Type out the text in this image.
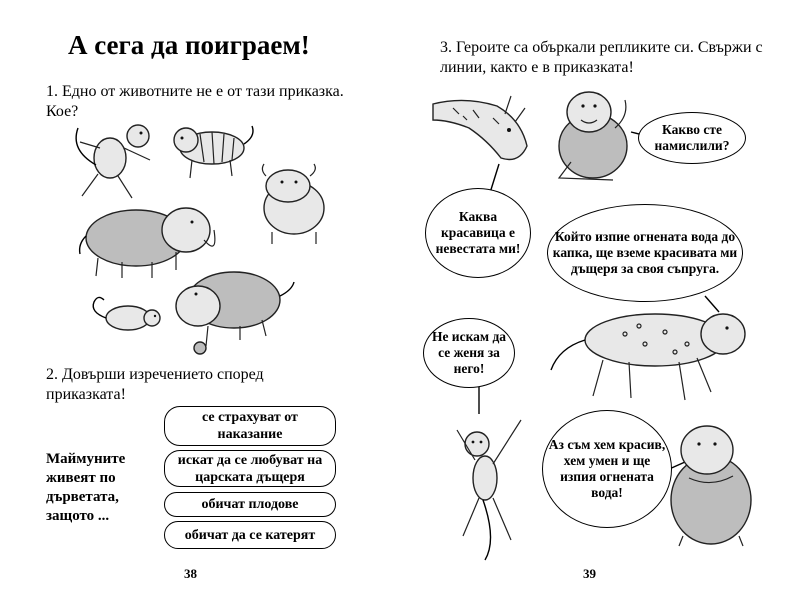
А сега да поиграем!
1. Едно от животните не е от тази приказка. Кое?
2. Довърши изречението според приказката!
Маймуните живеят по дърветата, защото ...
се страхуват от наказание
искат да се любуват на царската дъщеря
обичат плодове
обичат да се катерят
38
3. Героите са объркали репликите си. Свържи с линии, както е в приказката!
Какво сте намислили?
Каква красавица е невестата ми!
Който изпие огнената вода до капка, ще вземе красивата ми дъщеря за своя съпруга.
Не искам да се женя за него!
Аз съм хем красив, хем умен и ще изпия огнената вода!
39
